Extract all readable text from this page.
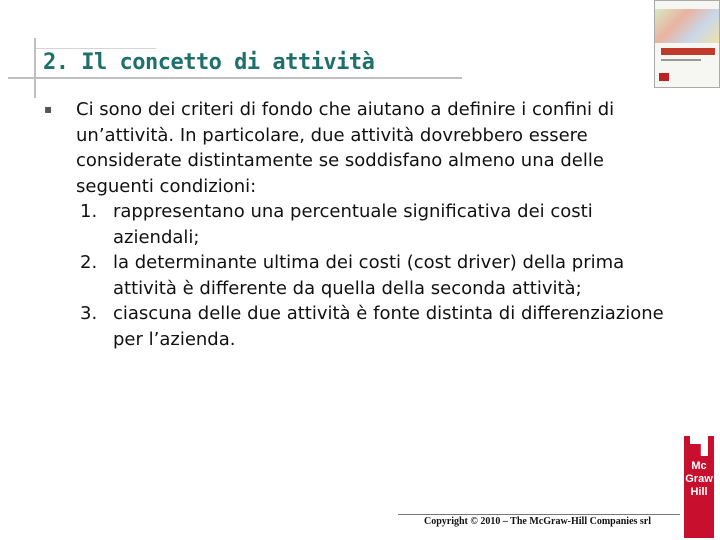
2. Il concetto di attività
▪ Ci sono dei criteri di fondo che aiutano a definire i confini di un’attività. In particolare, due attività dovrebbero essere considerate distintamente se soddisfano almeno una delle seguenti condizioni:
1. rappresentano una percentuale significativa dei costi aziendali;
2. la determinante ultima dei costi (cost driver) della prima attività è differente da quella della seconda attività;
3. ciascuna delle due attività è fonte distinta di differenziazione per l’azienda.
Copyright © 2010 – The McGraw-Hill Companies srl
Mc
Graw
Hill
